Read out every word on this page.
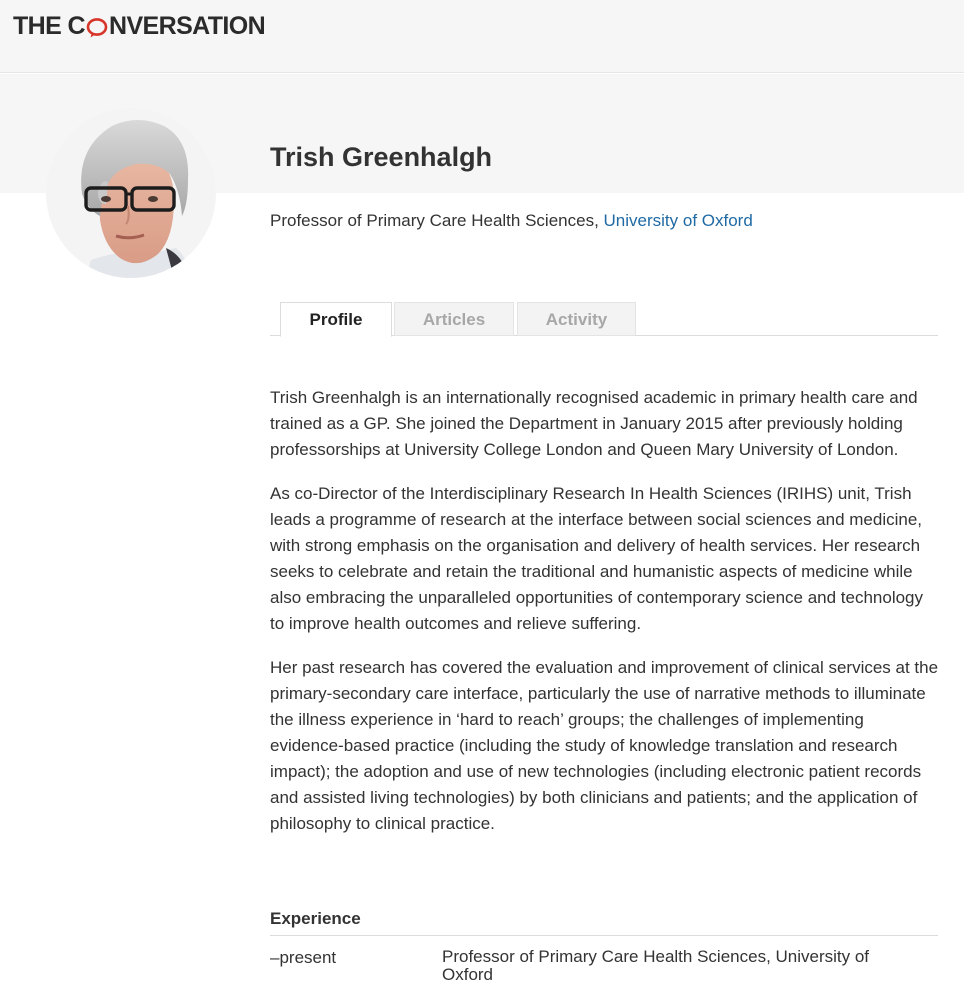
THE C NVERSATION
Trish Greenhalgh
Professor of Primary Care Health Sciences, University of Oxford
Profile	Articles	Activity

Trish Greenhalgh is an internationally recognised academic in primary health care and trained as a GP. She joined the Department in January 2015 after previously holding professorships at University College London and Queen Mary University of London.

As co-Director of the Interdisciplinary Research In Health Sciences (IRIHS) unit, Trish leads a programme of research at the interface between social sciences and medicine, with strong emphasis on the organisation and delivery of health services. Her research seeks to celebrate and retain the traditional and humanistic aspects of medicine while also embracing the unparalleled opportunities of contemporary science and technology to improve health outcomes and relieve suffering.

Her past research has covered the evaluation and improvement of clinical services at the primary-secondary care interface, particularly the use of narrative methods to illuminate the illness experience in ‘hard to reach’ groups; the challenges of implementing evidence-based practice (including the study of knowledge translation and research impact); the adoption and use of new technologies (including electronic patient records and assisted living technologies) by both clinicians and patients; and the application of philosophy to clinical practice.

Experience
–present	Professor of Primary Care Health Sciences, University of Oxford
